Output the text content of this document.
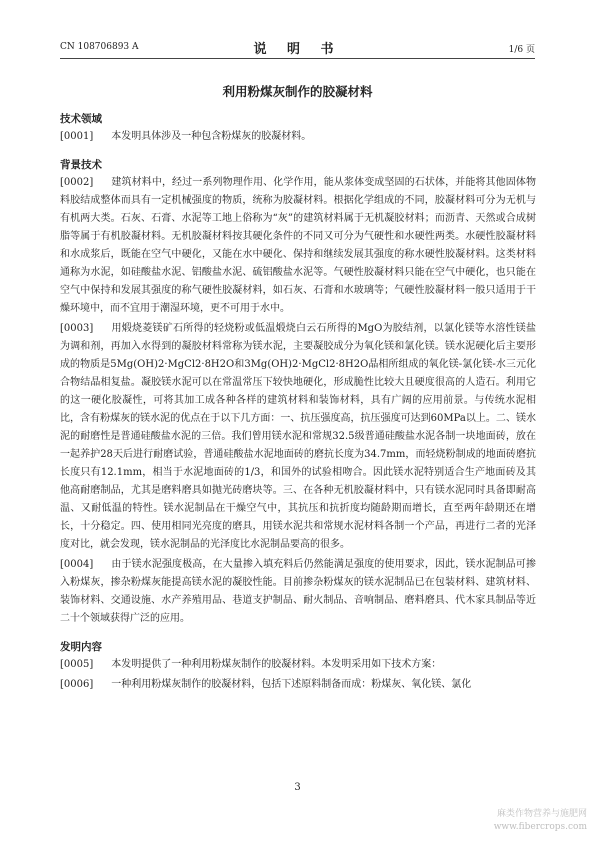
CN 108706893 A	说 明 书	1/6 页
利用粉煤灰制作的胶凝材料
技术领域
[0001] 本发明具体涉及一种包含粉煤灰的胶凝材料。
背景技术
[0002] 建筑材料中，经过一系列物理作用、化学作用，能从浆体变成坚固的石状体，并能将其他固体物料胶结成整体而具有一定机械强度的物质，统称为胶凝材料。根据化学组成的不同，胶凝材料可分为无机与有机两大类。石灰、石膏、水泥等工地上俗称为“灰”的建筑材料属于无机凝胶材料；而沥青、天然或合成树脂等属于有机胶凝材料。无机胶凝材料按其硬化条件的不同又可分为气硬性和水硬性两类。水硬性胶凝材料和水成浆后，既能在空气中硬化，又能在水中硬化、保持和继续发展其强度的称水硬性胶凝材料。这类材料通称为水泥，如硅酸盐水泥、铝酸盐水泥、硫铝酸盐水泥等。气硬性胶凝材料只能在空气中硬化，也只能在空气中保持和发展其强度的称气硬性胶凝材料，如石灰、石膏和水玻璃等；气硬性胶凝材料一般只适用于干燥环境中，而不宜用于潮湿环境，更不可用于水中。
[0003] 用煅烧菱镁矿石所得的轻烧粉或低温煅烧白云石所得的MgO为胶结剂，以氯化镁等水溶性镁盐为调和剂，再加入水得到的凝胶材料常称为镁水泥，主要凝胶成分为氧化镁和氯化镁。镁水泥硬化后主要形成的物质是5Mg(OH)2·MgCl2·8H2O和3Mg(OH)2·MgCl2·8H2O晶相所组成的氧化镁-氯化镁-水三元化合物结晶相复盐。凝胶镁水泥可以在常温常压下较快地硬化，形成脆性比较大且硬度很高的人造石。利用它的这一硬化胶凝性，可将其加工成各种各样的建筑材料和装饰材料，具有广阔的应用前景。与传统水泥相比，含有粉煤灰的镁水泥的优点在于以下几方面：一、抗压强度高，抗压强度可达到60MPa以上。二、镁水泥的耐磨性是普通硅酸盐水泥的三倍。我们曾用镁水泥和常规32.5级普通硅酸盐水泥各制一块地面砖，放在一起养护28天后进行耐磨试验，普通硅酸盐水泥地面砖的磨抗长度为34.7mm，而轻烧粉制成的地面砖磨抗长度只有12.1mm，相当于水泥地面砖的1/3，和国外的试验相吻合。因此镁水泥特别适合生产地面砖及其他高耐磨制品，尤其是磨料磨具如抛光砖磨块等。三、在各种无机胶凝材料中，只有镁水泥同时具备即耐高温、又耐低温的特性。镁水泥制品在干燥空气中，其抗压和抗折度均随龄期而增长，直至两年龄期还在增长，十分稳定。四、使用相同光亮度的磨具，用镁水泥共和常规水泥材料各制一个产品，再进行二者的光泽度对比，就会发现，镁水泥制品的光泽度比水泥制品要高的很多。
[0004] 由于镁水泥强度极高，在大量掺入填充料后仍然能满足强度的使用要求，因此，镁水泥制品可掺入粉煤灰，掺杂粉煤灰能提高镁水泥的凝胶性能。目前掺杂粉煤灰的镁水泥制品已在包装材料、建筑材料、装饰材料、交通设施、水产养殖用品、巷道支护制品、耐火制品、音响制品、磨料磨具、代木家具制品等近二十个领域获得广泛的应用。
发明内容
[0005] 本发明提供了一种利用粉煤灰制作的胶凝材料。本发明采用如下技术方案：
[0006] 一种利用粉煤灰制作的胶凝材料，包括下述原料制备而成：粉煤灰、氧化镁、氯化
3
麻类作物营养与施肥网
www.fibercrops.com
